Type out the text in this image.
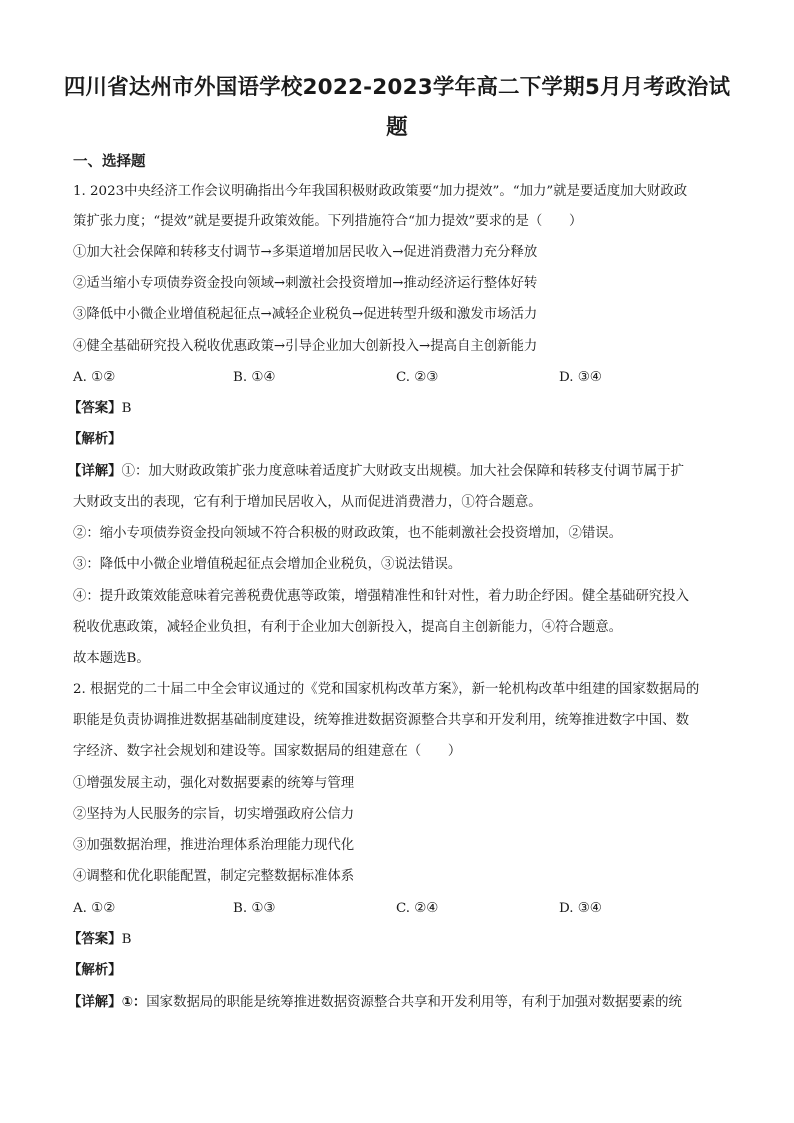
四川省达州市外国语学校2022-2023学年高二下学期5月月考政治试
题
一、选择题
1. 2023中央经济工作会议明确指出今年我国积极财政政策要“加力提效”。“加力”就是要适度加大财政政
策扩张力度；“提效”就是要提升政策效能。下列措施符合“加力提效”要求的是（　　）
①加大社会保障和转移支付调节→多渠道增加居民收入→促进消费潜力充分释放
②适当缩小专项债券资金投向领域→刺激社会投资增加→推动经济运行整体好转
③降低中小微企业增值税起征点→减轻企业税负→促进转型升级和激发市场活力
④健全基础研究投入税收优惠政策→引导企业加大创新投入→提高自主创新能力
A. ①②	B. ①④	C. ②③	D. ③④
【答案】B
【解析】
【详解】①：加大财政政策扩张力度意味着适度扩大财政支出规模。加大社会保障和转移支付调节属于扩
大财政支出的表现，它有利于增加民居收入，从而促进消费潜力，①符合题意。
②：缩小专项债券资金投向领域不符合积极的财政政策，也不能刺激社会投资增加，②错误。
③：降低中小微企业增值税起征点会增加企业税负，③说法错误。
④：提升政策效能意味着完善税费优惠等政策，增强精准性和针对性，着力助企纾困。健全基础研究投入
税收优惠政策，减轻企业负担，有利于企业加大创新投入，提高自主创新能力，④符合题意。
故本题选B。
2. 根据党的二十届二中全会审议通过的《党和国家机构改革方案》，新一轮机构改革中组建的国家数据局的
职能是负责协调推进数据基础制度建设，统筹推进数据资源整合共享和开发利用，统筹推进数字中国、数
字经济、数字社会规划和建设等。国家数据局的组建意在（　　）
①增强发展主动，强化对数据要素的统筹与管理
②坚持为人民服务的宗旨，切实增强政府公信力
③加强数据治理，推进治理体系治理能力现代化
④调整和优化职能配置，制定完整数据标准体系
A. ①②	B. ①③	C. ②④	D. ③④
【答案】B
【解析】
【详解】①：国家数据局的职能是统筹推进数据资源整合共享和开发利用等，有利于加强对数据要素的统
